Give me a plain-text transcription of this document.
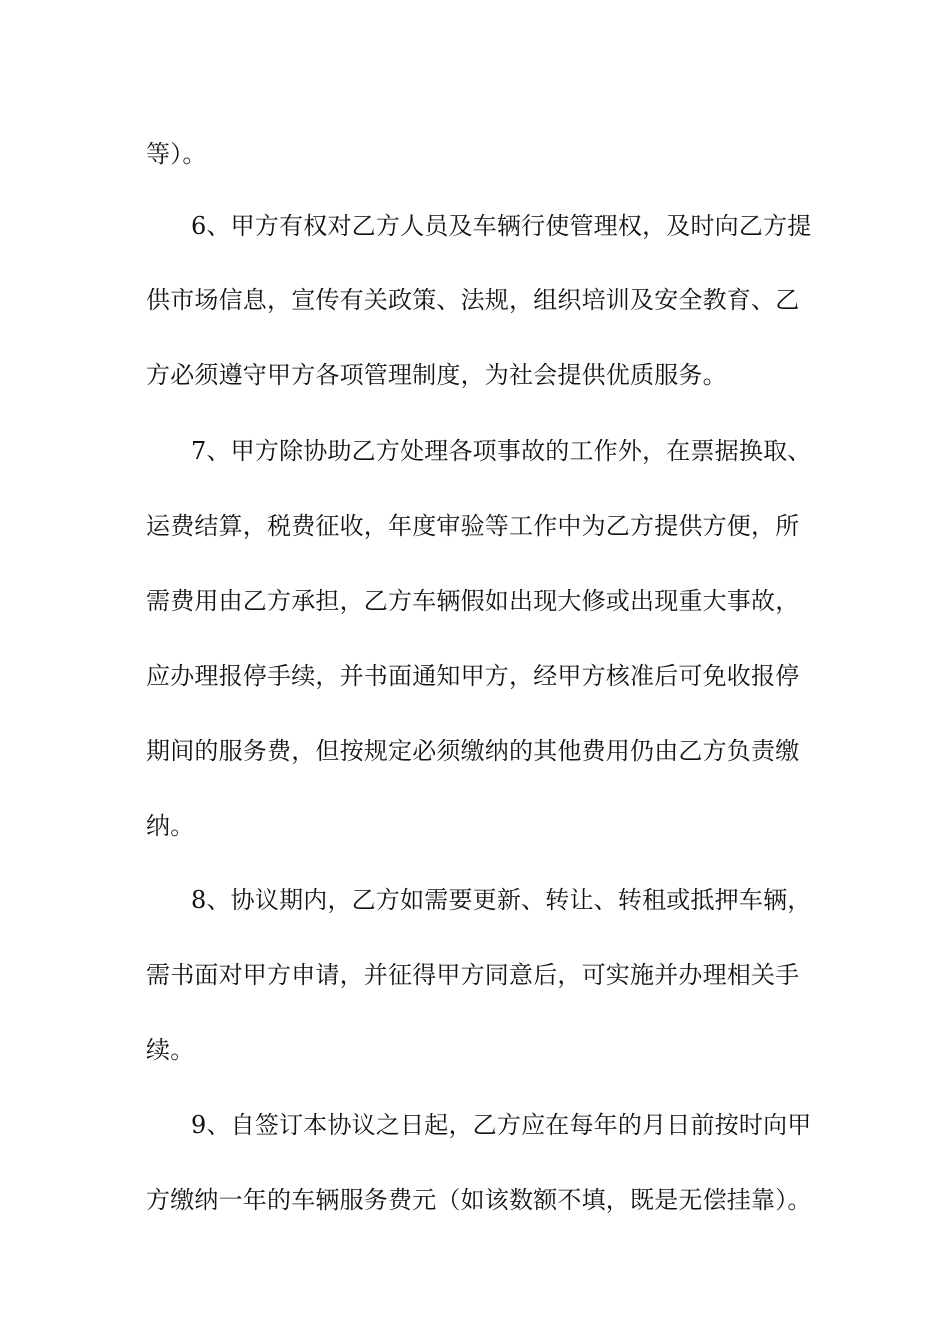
等）。
6、甲方有权对乙方人员及车辆行使管理权，及时向乙方提
供市场信息，宣传有关政策、法规，组织培训及安全教育、乙
方必须遵守甲方各项管理制度，为社会提供优质服务。
7、甲方除协助乙方处理各项事故的工作外，在票据换取、
运费结算，税费征收，年度审验等工作中为乙方提供方便，所
需费用由乙方承担，乙方车辆假如出现大修或出现重大事故，
应办理报停手续，并书面通知甲方，经甲方核准后可免收报停
期间的服务费，但按规定必须缴纳的其他费用仍由乙方负责缴
纳。
8、协议期内，乙方如需要更新、转让、转租或抵押车辆，
需书面对甲方申请，并征得甲方同意后，可实施并办理相关手
续。
9、自签订本协议之日起，乙方应在每年的月日前按时向甲
方缴纳一年的车辆服务费元（如该数额不填，既是无偿挂靠）。
